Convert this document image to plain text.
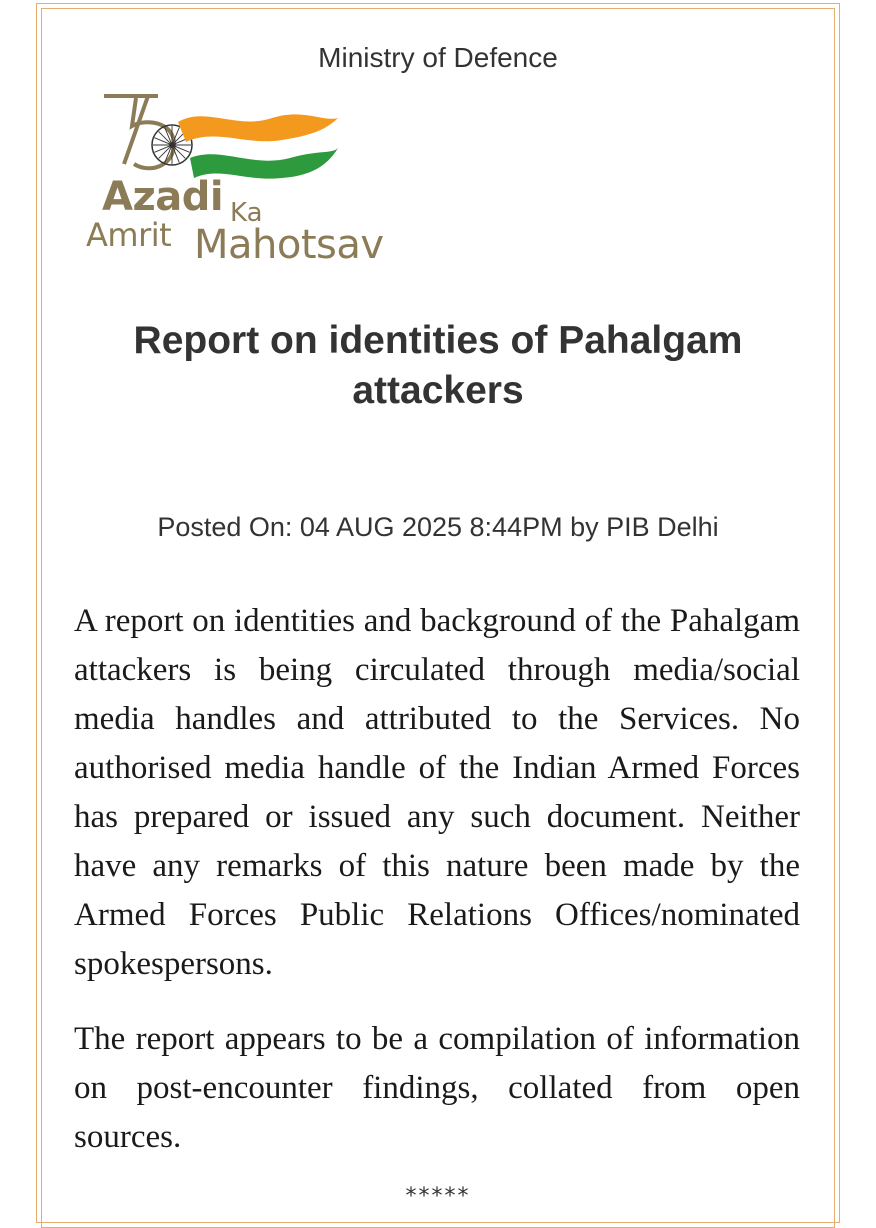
Ministry of Defence
Azadi Ka
Amrit Mahotsav
Report on identities of Pahalgam attackers
Posted On: 04 AUG 2025 8:44PM by PIB Delhi

A report on identities and background of the Pahalgam attackers is being circulated through media/social media handles and attributed to the Services. No authorised media handle of the Indian Armed Forces has prepared or issued any such document. Neither have any remarks of this nature been made by the Armed Forces Public Relations Offices/nominated spokespersons.

The report appears to be a compilation of information on post-encounter findings, collated from open sources.

*****
